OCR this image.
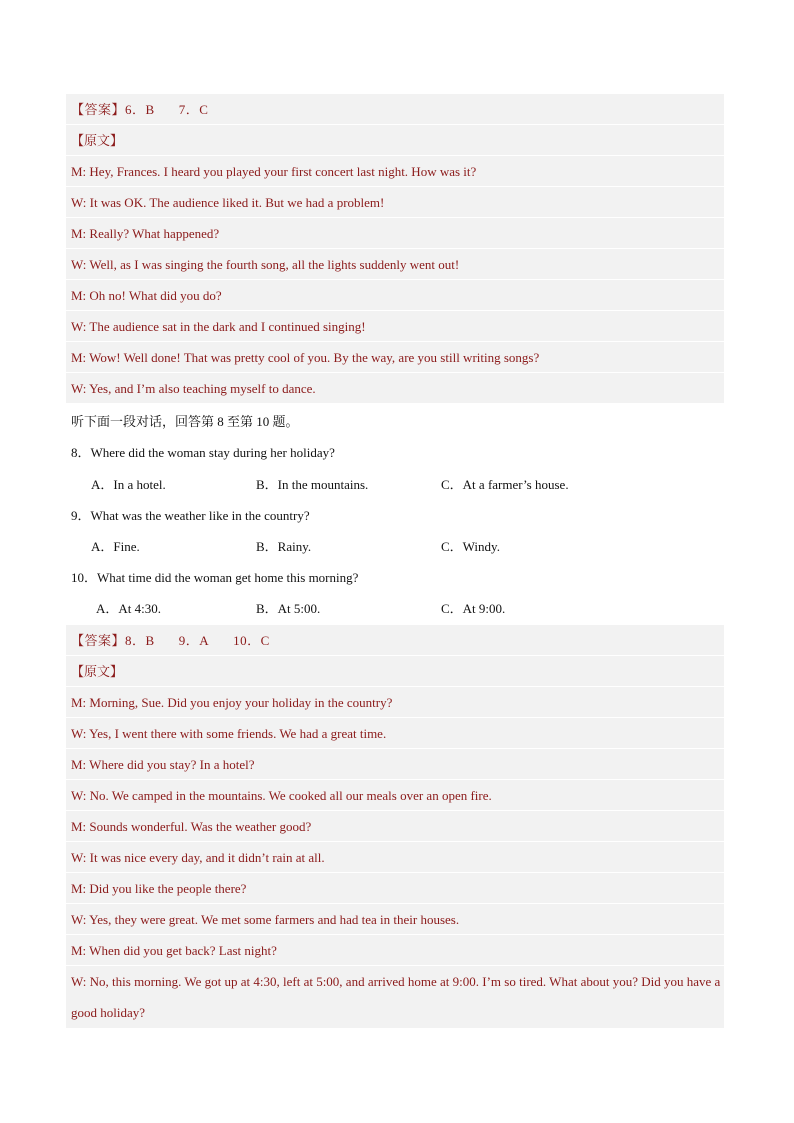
【答案】6．B 7．C
【原文】
M: Hey, Frances. I heard you played your first concert last night. How was it?
W: It was OK. The audience liked it. But we had a problem!
M: Really? What happened?
W: Well, as I was singing the fourth song, all the lights suddenly went out!
M: Oh no! What did you do?
W: The audience sat in the dark and I continued singing!
M: Wow! Well done! That was pretty cool of you. By the way, are you still writing songs?
W: Yes, and I’m also teaching myself to dance.
听下面一段对话，回答第 8 至第 10 题。
8．Where did the woman stay during her holiday?
A．In a hotel.	B．In the mountains.	C．At a farmer’s house.
9．What was the weather like in the country?
A．Fine.	B．Rainy.	C．Windy.
10．What time did the woman get home this morning?
A．At 4:30.	B．At 5:00.	C．At 9:00.
【答案】8．B 9．A 10．C
【原文】
M: Morning, Sue. Did you enjoy your holiday in the country?
W: Yes, I went there with some friends. We had a great time.
M: Where did you stay? In a hotel?
W: No. We camped in the mountains. We cooked all our meals over an open fire.
M: Sounds wonderful. Was the weather good?
W: It was nice every day, and it didn’t rain at all.
M: Did you like the people there?
W: Yes, they were great. We met some farmers and had tea in their houses.
M: When did you get back? Last night?
W: No, this morning. We got up at 4:30, left at 5:00, and arrived home at 9:00. I’m so tired. What about you? Did you have a good holiday?
